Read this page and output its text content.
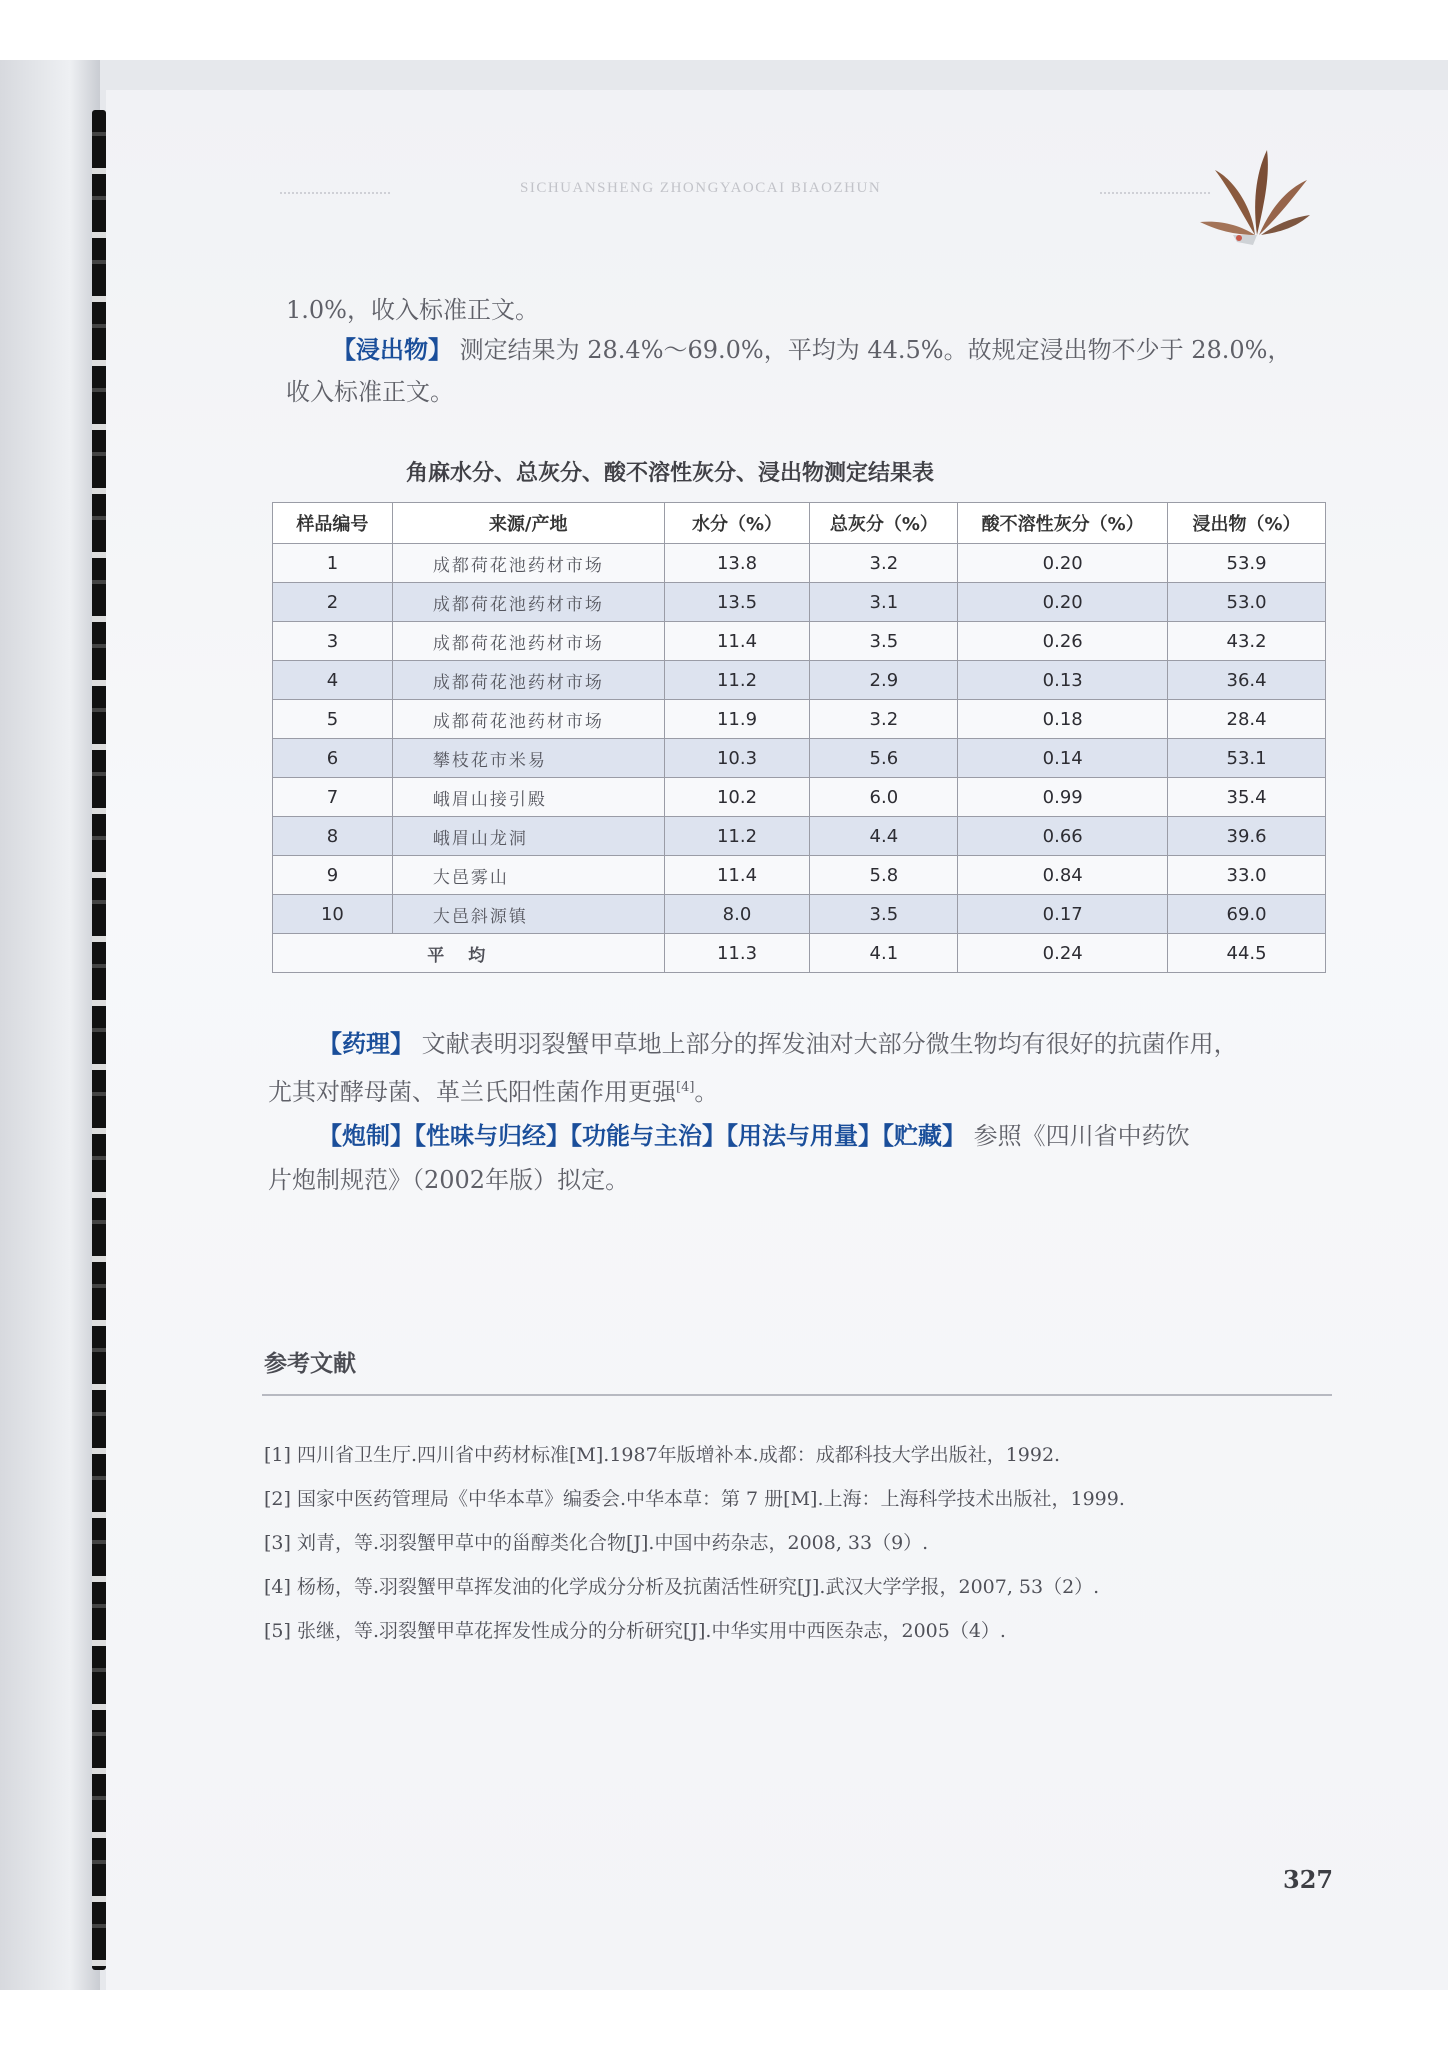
SICHUANSHENG ZHONGYAOCAI BIAOZHUN
1.0%，收入标准正文。
【浸出物】 测定结果为 28.4%～69.0%，平均为 44.5%。故规定浸出物不少于 28.0%，
收入标准正文。
角麻水分、总灰分、酸不溶性灰分、浸出物测定结果表
样品编号	来源/产地	水分（%）	总灰分（%）	酸不溶性灰分（%）	浸出物（%）
1	成都荷花池药材市场	13.8	3.2	0.20	53.9
2	成都荷花池药材市场	13.5	3.1	0.20	53.0
3	成都荷花池药材市场	11.4	3.5	0.26	43.2
4	成都荷花池药材市场	11.2	2.9	0.13	36.4
5	成都荷花池药材市场	11.9	3.2	0.18	28.4
6	攀枝花市米易	10.3	5.6	0.14	53.1
7	峨眉山接引殿	10.2	6.0	0.99	35.4
8	峨眉山龙洞	11.2	4.4	0.66	39.6
9	大邑雾山	11.4	5.8	0.84	33.0
10	大邑斜源镇	8.0	3.5	0.17	69.0
平均		11.3	4.1	0.24	44.5
【药理】 文献表明羽裂蟹甲草地上部分的挥发油对大部分微生物均有很好的抗菌作用，
尤其对酵母菌、革兰氏阳性菌作用更强[4]。
【炮制】【性味与归经】【功能与主治】【用法与用量】【贮藏】 参照《四川省中药饮
片炮制规范》（2002年版）拟定。
参考文献
[1] 四川省卫生厅.四川省中药材标准[M].1987年版增补本.成都：成都科技大学出版社，1992.
[2] 国家中医药管理局《中华本草》编委会.中华本草：第 7 册[M].上海：上海科学技术出版社，1999.
[3] 刘青，等.羽裂蟹甲草中的甾醇类化合物[J].中国中药杂志，2008, 33（9）.
[4] 杨杨，等.羽裂蟹甲草挥发油的化学成分分析及抗菌活性研究[J].武汉大学学报，2007, 53（2）.
[5] 张继，等.羽裂蟹甲草花挥发性成分的分析研究[J].中华实用中西医杂志，2005（4）.
327
